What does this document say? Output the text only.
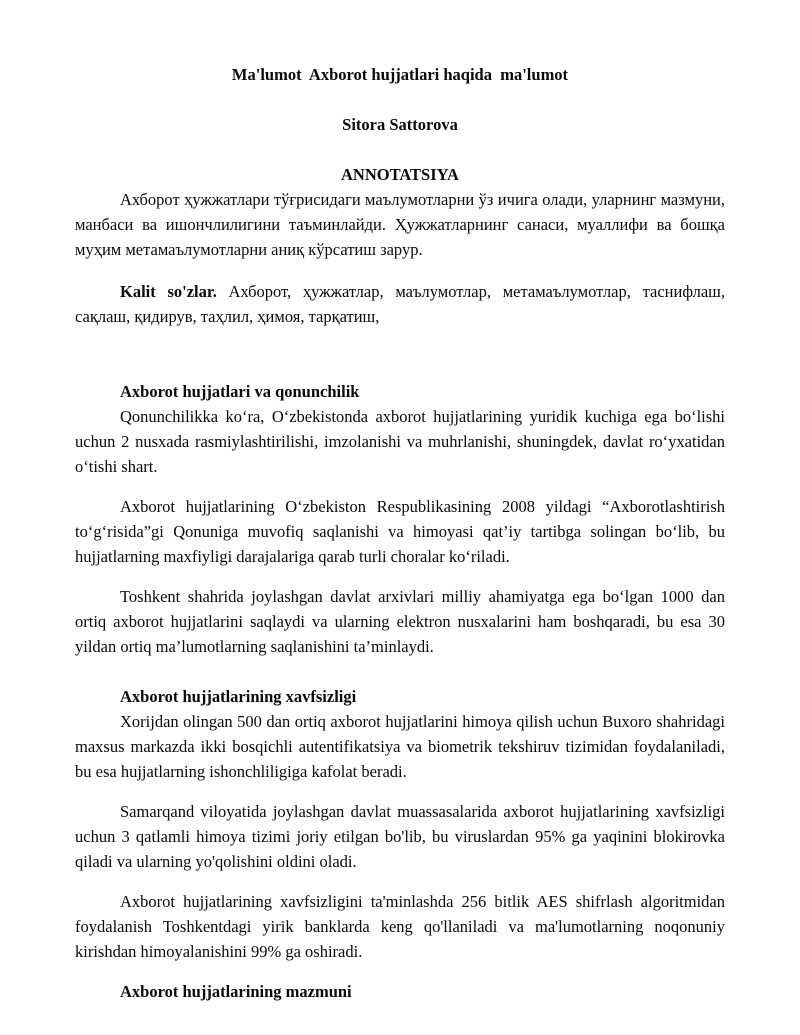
Ma'lumot  Axborot hujjatlari haqida  ma'lumot
Sitora Sattorova
ANNOTATSIYA

Ахборот ҳужжатлари тўғрисидаги маълумотларни ўз ичига олади, уларнинг мазмуни, манбаси ва ишончлилигини таъминлайди. Ҳужжатларнинг санаси, муаллифи ва бошқа муҳим метамаълумотларни аниқ кўрсатиш зарур.

Kalit so'zlar. Ахборот, ҳужжатлар, маълумотлар, метамаълумотлар, таснифлаш, сақлаш, қидирув, таҳлил, ҳимоя, тарқатиш,

Axborot hujjatlari va qonunchilik

Qonunchilikka ko‘ra, O‘zbekistonda axborot hujjatlarining yuridik kuchiga ega bo‘lishi uchun 2 nusxada rasmiylashtirilishi, imzolanishi va muhrlanishi, shuningdek, davlat ro‘yxatidan o‘tishi shart.

Axborot hujjatlarining O‘zbekiston Respublikasining 2008 yildagi “Axborotlashtirish to‘g‘risida”gi Qonuniga muvofiq saqlanishi va himoyasi qat’iy tartibga solingan bo‘lib, bu hujjatlarning maxfiyligi darajalariga qarab turli choralar ko‘riladi.

Toshkent shahrida joylashgan davlat arxivlari milliy ahamiyatga ega bo‘lgan 1000 dan ortiq axborot hujjatlarini saqlaydi va ularning elektron nusxalarini ham boshqaradi, bu esa 30 yildan ortiq ma’lumotlarning saqlanishini ta’minlaydi.

Axborot hujjatlarining xavfsizligi

Xorijdan olingan 500 dan ortiq axborot hujjatlarini himoya qilish uchun Buxoro shahridagi maxsus markazda ikki bosqichli autentifikatsiya va biometrik tekshiruv tizimidan foydalaniladi, bu esa hujjatlarning ishonchliligiga kafolat beradi.

Samarqand viloyatida joylashgan davlat muassasalarida axborot hujjatlarining xavfsizligi uchun 3 qatlamli himoya tizimi joriy etilgan bo'lib, bu viruslardan 95% ga yaqinini blokirovka qiladi va ularning yo'qolishini oldini oladi.

Axborot hujjatlarining xavfsizligini ta'minlashda 256 bitlik AES shifrlash algoritmidan foydalanish Toshkentdagi yirik banklarda keng qo'llaniladi va ma'lumotlarning noqonuniy kirishdan himoyalanishini 99% ga oshiradi.

Axborot hujjatlarining mazmuni
